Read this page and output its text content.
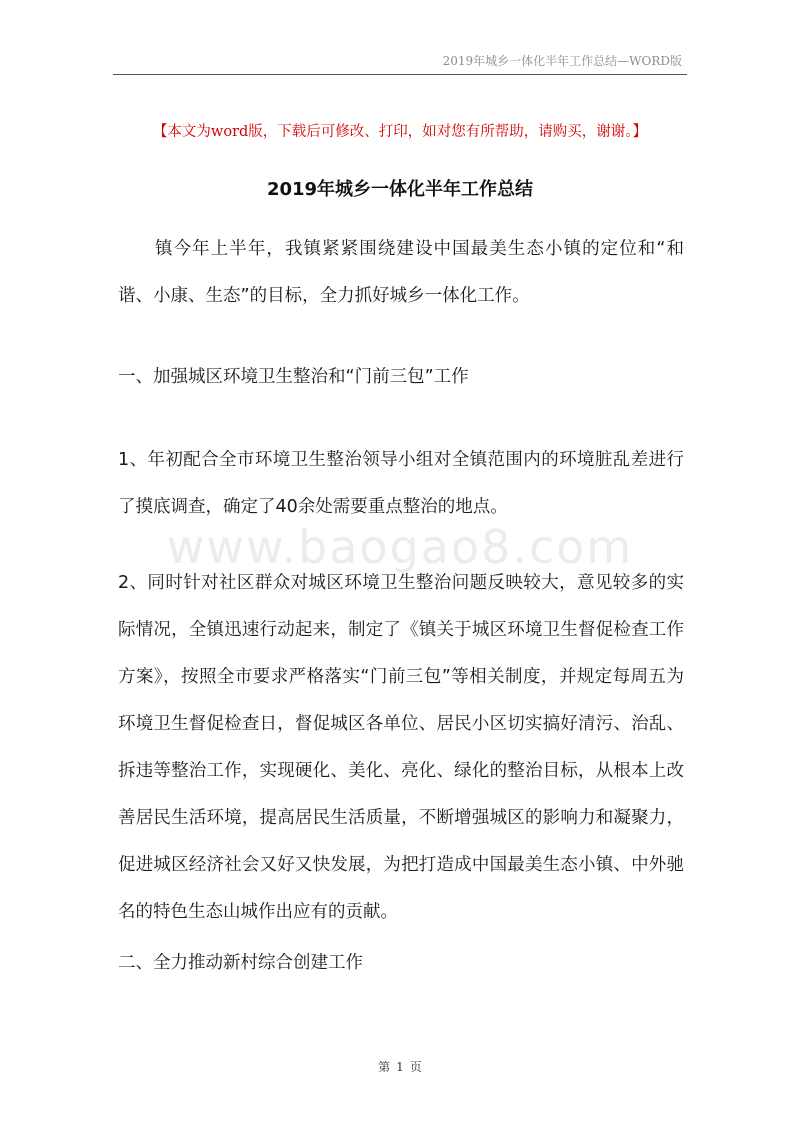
2019年城乡一体化半年工作总结—WORD版
【本文为word版，下载后可修改、打印，如对您有所帮助，请购买，谢谢。】
2019年城乡一体化半年工作总结

镇今年上半年，我镇紧紧围绕建设中国最美生态小镇的定位和“和谐、小康、生态”的目标，全力抓好城乡一体化工作。

一、加强城区环境卫生整治和“门前三包”工作

1、年初配合全市环境卫生整治领导小组对全镇范围内的环境脏乱差进行了摸底调查，确定了40余处需要重点整治的地点。

www.baogao8.com

2、同时针对社区群众对城区环境卫生整治问题反映较大，意见较多的实际情况，全镇迅速行动起来，制定了《镇关于城区环境卫生督促检查工作方案》，按照全市要求严格落实“门前三包”等相关制度，并规定每周五为环境卫生督促检查日，督促城区各单位、居民小区切实搞好清污、治乱、拆违等整治工作，实现硬化、美化、亮化、绿化的整治目标，从根本上改善居民生活环境，提高居民生活质量，不断增强城区的影响力和凝聚力，促进城区经济社会又好又快发展，为把打造成中国最美生态小镇、中外驰名的特色生态山城作出应有的贡献。

二、全力推动新村综合创建工作

第 1 页
